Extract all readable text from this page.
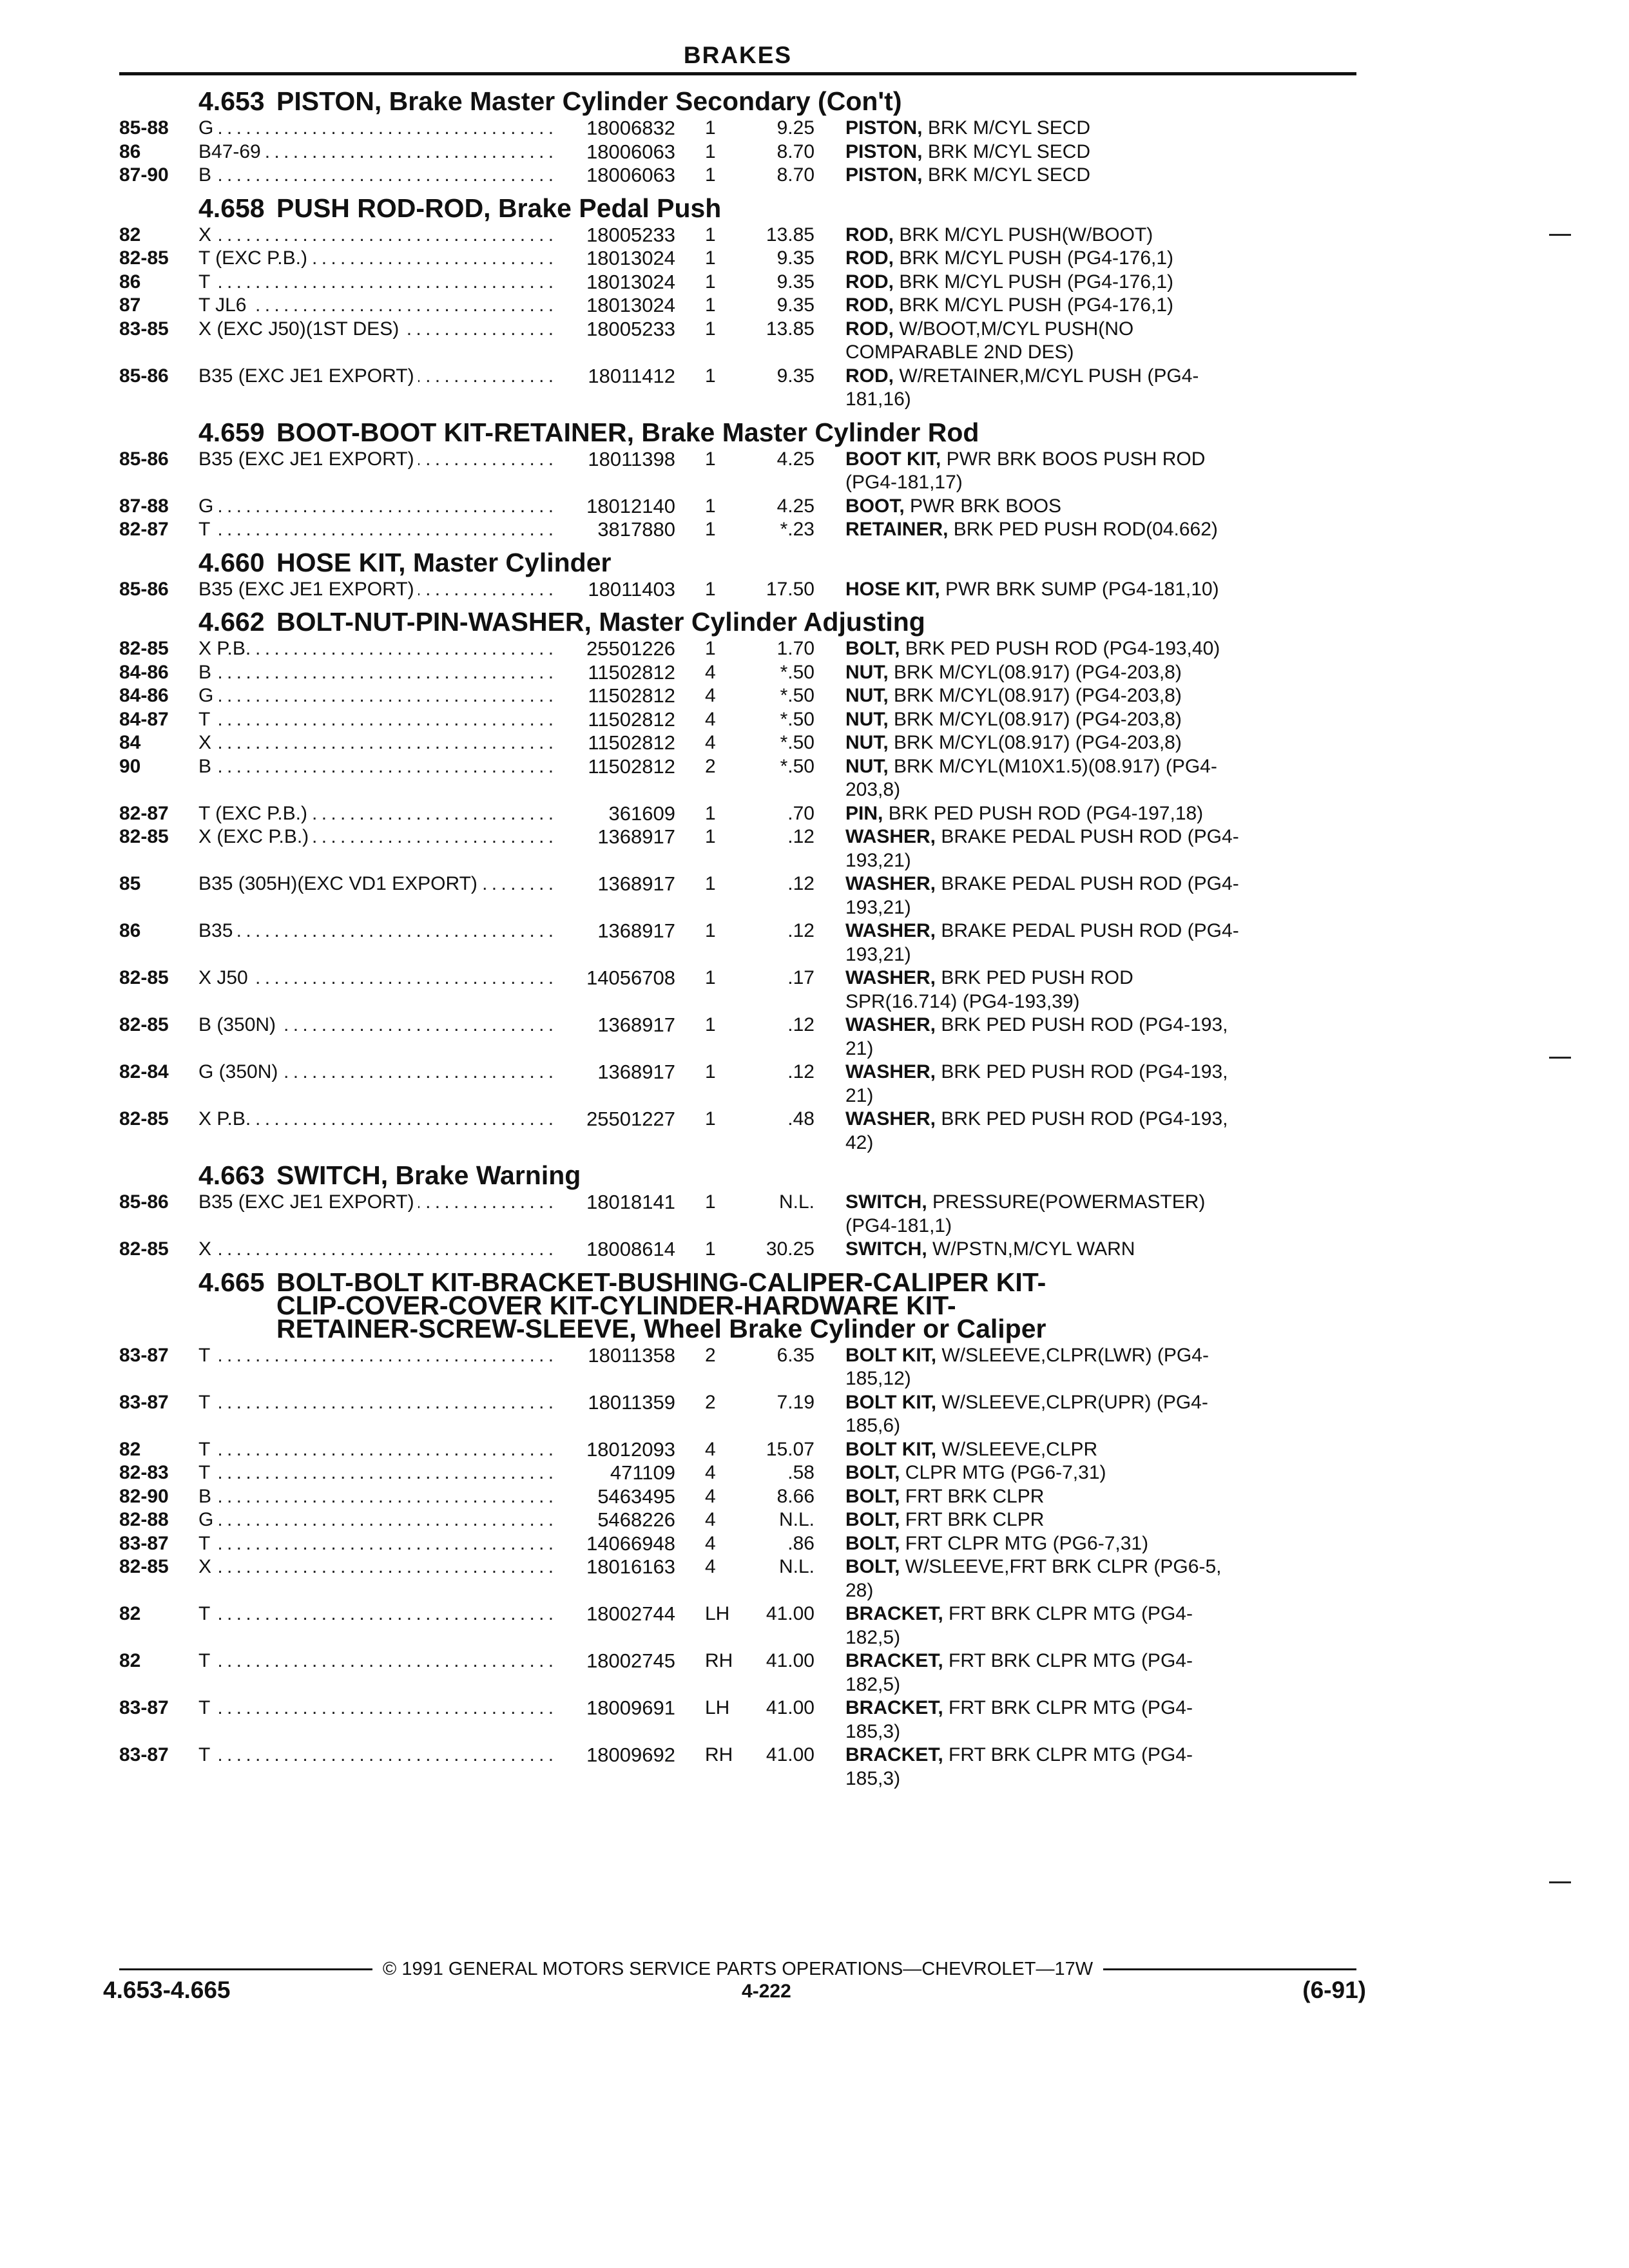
BRAKES
4.653 PISTON, Brake Master Cylinder Secondary (Con't)
85-88	G . . .	18006832	1	9.25	PISTON, BRK M/CYL SECD
86	B47-69 . . .	18006063	1	8.70	PISTON, BRK M/CYL SECD
87-90	B . . .	18006063	1	8.70	PISTON, BRK M/CYL SECD
4.658 PUSH ROD-ROD, Brake Pedal Push
82	X . . .	18005233	1	13.85	ROD, BRK M/CYL PUSH(W/BOOT)
82-85	T (EXC P.B.) . . .	18013024	1	9.35	ROD, BRK M/CYL PUSH (PG4-176,1)
86	T . . .	18013024	1	9.35	ROD, BRK M/CYL PUSH (PG4-176,1)
87	T JL6 . . .	18013024	1	9.35	ROD, BRK M/CYL PUSH (PG4-176,1)
83-85	X (EXC J50)(1ST DES) . . .	18005233	1	13.85	ROD, W/BOOT,M/CYL PUSH(NO
COMPARABLE 2ND DES)
85-86	B35 (EXC JE1 EXPORT) . . .	18011412	1	9.35	ROD, W/RETAINER,M/CYL PUSH (PG4-
181,16)
4.659 BOOT-BOOT KIT-RETAINER, Brake Master Cylinder Rod
85-86	B35 (EXC JE1 EXPORT) . . .	18011398	1	4.25	BOOT KIT, PWR BRK BOOS PUSH ROD
(PG4-181,17)
87-88	G . . .	18012140	1	4.25	BOOT, PWR BRK BOOS
82-87	T . . .	3817880	1	*.23	RETAINER, BRK PED PUSH ROD(04.662)
4.660 HOSE KIT, Master Cylinder
85-86	B35 (EXC JE1 EXPORT) . . .	18011403	1	17.50	HOSE KIT, PWR BRK SUMP (PG4-181,10)
4.662 BOLT-NUT-PIN-WASHER, Master Cylinder Adjusting
82-85	X P.B. . . .	25501226	1	1.70	BOLT, BRK PED PUSH ROD (PG4-193,40)
84-86	B . . .	11502812	4	*.50	NUT, BRK M/CYL(08.917) (PG4-203,8)
84-86	G . . .	11502812	4	*.50	NUT, BRK M/CYL(08.917) (PG4-203,8)
84-87	T . . .	11502812	4	*.50	NUT, BRK M/CYL(08.917) (PG4-203,8)
84	X . . .	11502812	4	*.50	NUT, BRK M/CYL(08.917) (PG4-203,8)
90	B . . .	11502812	2	*.50	NUT, BRK M/CYL(M10X1.5)(08.917) (PG4-
203,8)
82-87	T (EXC P.B.) . . .	361609	1	.70	PIN, BRK PED PUSH ROD (PG4-197,18)
82-85	X (EXC P.B.) . . .	1368917	1	.12	WASHER, BRAKE PEDAL PUSH ROD (PG4-
193,21)
85	B35 (305H)(EXC VD1 EXPORT) . . .	1368917	1	.12	WASHER, BRAKE PEDAL PUSH ROD (PG4-
193,21)
86	B35 . . .	1368917	1	.12	WASHER, BRAKE PEDAL PUSH ROD (PG4-
193,21)
82-85	X J50 . . .	14056708	1	.17	WASHER, BRK PED PUSH ROD
SPR(16.714) (PG4-193,39)
82-85	B (350N) . . .	1368917	1	.12	WASHER, BRK PED PUSH ROD (PG4-193,
21)
82-84	G (350N) . . .	1368917	1	.12	WASHER, BRK PED PUSH ROD (PG4-193,
21)
82-85	X P.B. . . .	25501227	1	.48	WASHER, BRK PED PUSH ROD (PG4-193,
42)
4.663 SWITCH, Brake Warning
85-86	B35 (EXC JE1 EXPORT) . . .	18018141	1	N.L.	SWITCH, PRESSURE(POWERMASTER)
(PG4-181,1)
82-85	X . . .	18008614	1	30.25	SWITCH, W/PSTN,M/CYL WARN
4.665 BOLT-BOLT KIT-BRACKET-BUSHING-CALIPER-CALIPER KIT-
CLIP-COVER-COVER KIT-CYLINDER-HARDWARE KIT-
RETAINER-SCREW-SLEEVE, Wheel Brake Cylinder or Caliper
83-87	T . . .	18011358	2	6.35	BOLT KIT, W/SLEEVE,CLPR(LWR) (PG4-
185,12)
83-87	T . . .	18011359	2	7.19	BOLT KIT, W/SLEEVE,CLPR(UPR) (PG4-
185,6)
82	T . . .	18012093	4	15.07	BOLT KIT, W/SLEEVE,CLPR
82-83	T . . .	471109	4	.58	BOLT, CLPR MTG (PG6-7,31)
82-90	B . . .	5463495	4	8.66	BOLT, FRT BRK CLPR
82-88	G . . .	5468226	4	N.L.	BOLT, FRT BRK CLPR
83-87	T . . .	14066948	4	.86	BOLT, FRT CLPR MTG (PG6-7,31)
82-85	X . . .	18016163	4	N.L.	BOLT, W/SLEEVE,FRT BRK CLPR (PG6-5,
28)
82	T . . .	18002744	LH	41.00	BRACKET, FRT BRK CLPR MTG (PG4-
182,5)
82	T . . .	18002745	RH	41.00	BRACKET, FRT BRK CLPR MTG (PG4-
182,5)
83-87	T . . .	18009691	LH	41.00	BRACKET, FRT BRK CLPR MTG (PG4-
185,3)
83-87	T . . .	18009692	RH	41.00	BRACKET, FRT BRK CLPR MTG (PG4-
185,3)
© 1991 GENERAL MOTORS SERVICE PARTS OPERATIONS—CHEVROLET—17W
4.653-4.665	4-222	(6-91)
